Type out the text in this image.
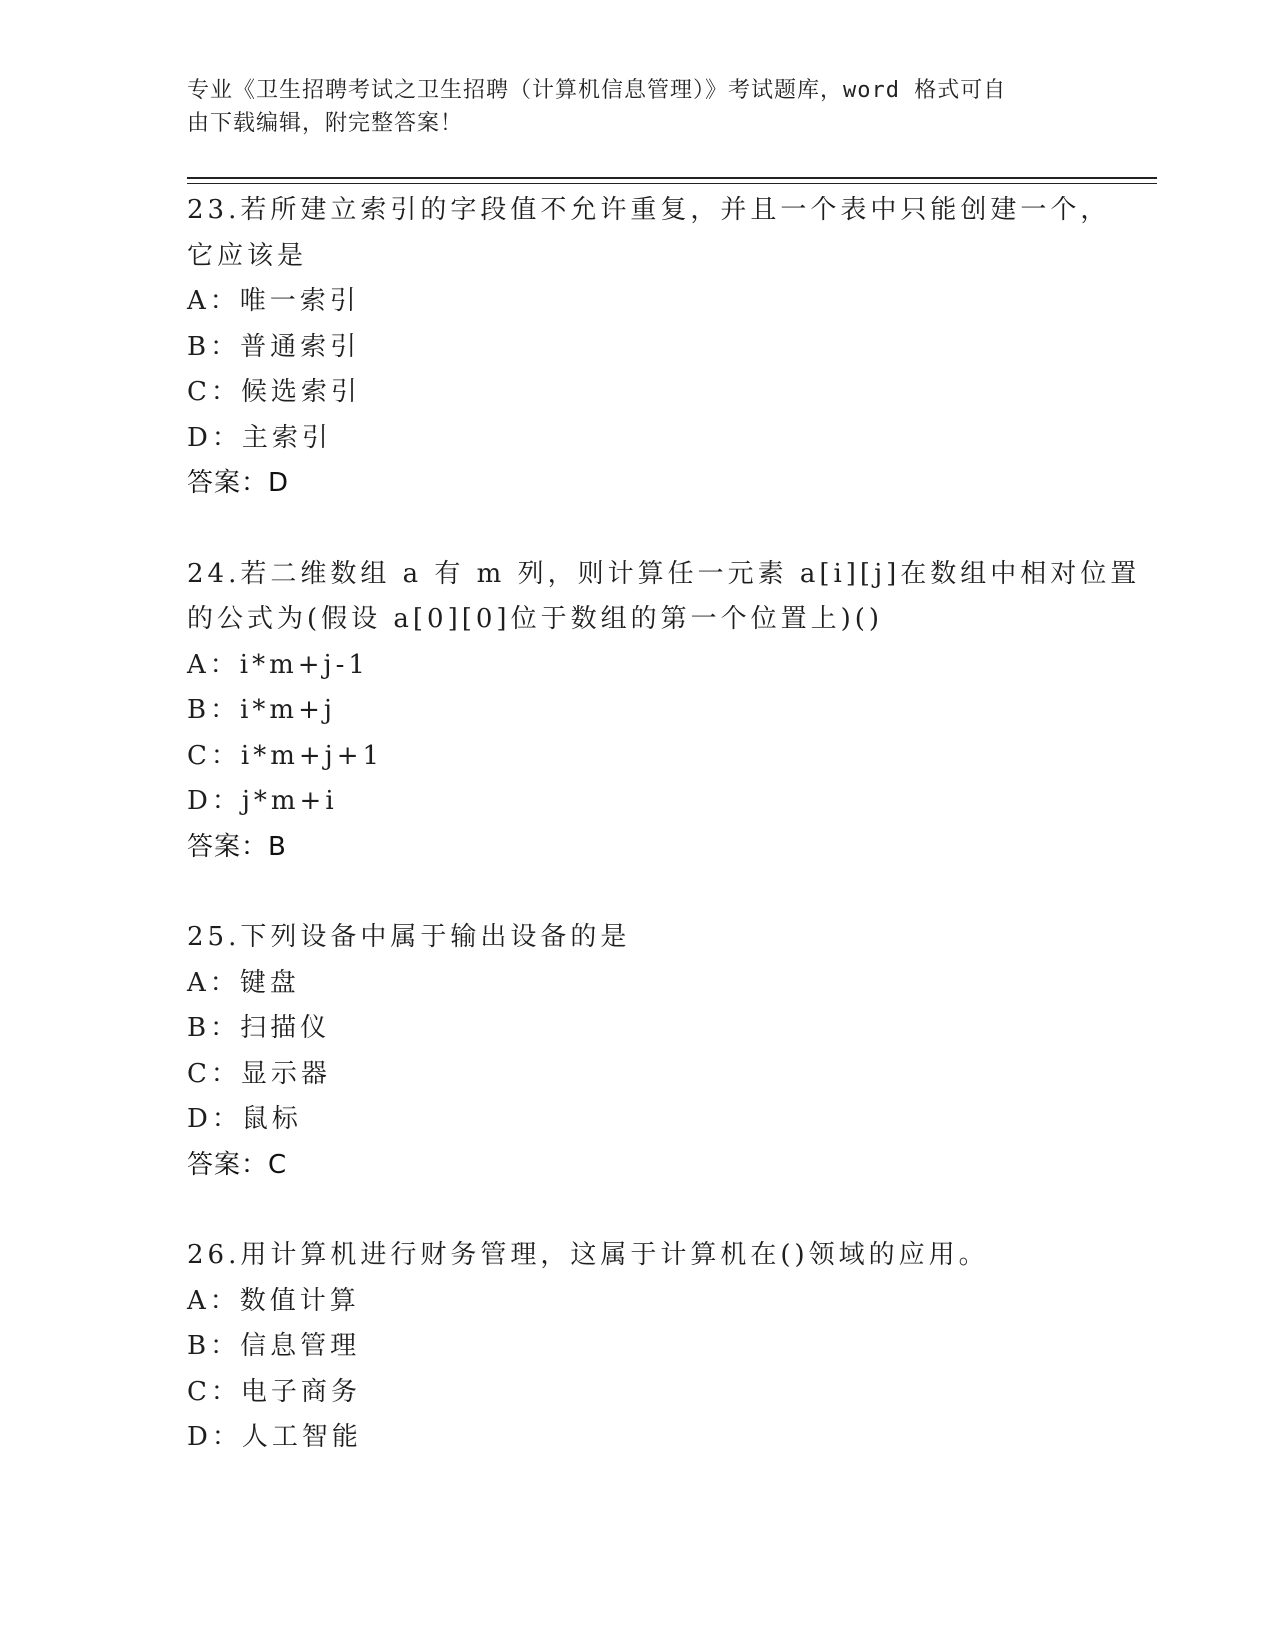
专业《卫生招聘考试之卫生招聘（计算机信息管理）》考试题库，word 格式可自
由下载编辑，附完整答案！
23.若所建立索引的字段值不允许重复，并且一个表中只能创建一个，
它应该是
A：唯一索引
B：普通索引
C：候选索引
D：主索引
答案：D
24.若二维数组 a 有 m 列，则计算任一元素 a[i][j]在数组中相对位置
的公式为(假设 a[0][0]位于数组的第一个位置上)()
A：i*m+j-1
B：i*m+j
C：i*m+j+1
D：j*m+i
答案：B
25.下列设备中属于输出设备的是
A：键盘
B：扫描仪
C：显示器
D：鼠标
答案：C
26.用计算机进行财务管理，这属于计算机在()领域的应用。
A：数值计算
B：信息管理
C：电子商务
D：人工智能
